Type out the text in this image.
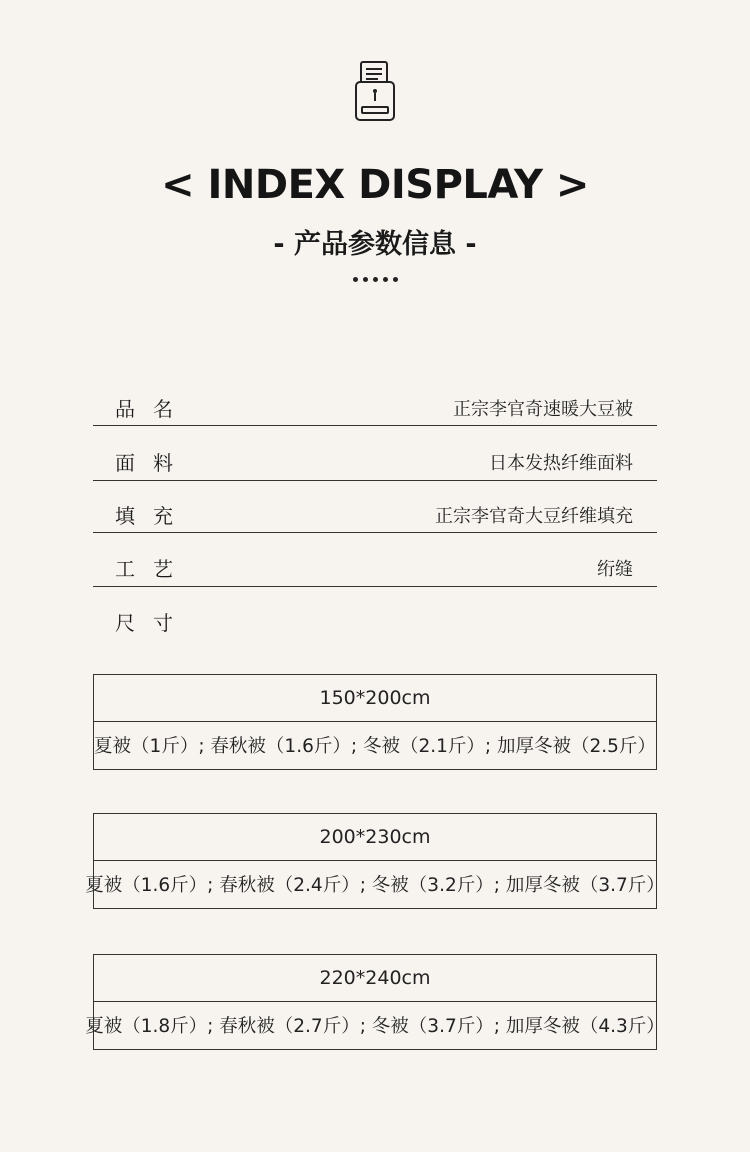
< INDEX DISPLAY >
- 产品参数信息 -
品名	正宗李官奇速暖大豆被
面料	日本发热纤维面料
填充	正宗李官奇大豆纤维填充
工艺	绗缝
尺寸
150*200cm
夏被（1斤）; 春秋被（1.6斤）; 冬被（2.1斤）; 加厚冬被（2.5斤）
200*230cm
夏被（1.6斤）; 春秋被（2.4斤）; 冬被（3.2斤）; 加厚冬被（3.7斤）
220*240cm
夏被（1.8斤）; 春秋被（2.7斤）; 冬被（3.7斤）; 加厚冬被（4.3斤）
